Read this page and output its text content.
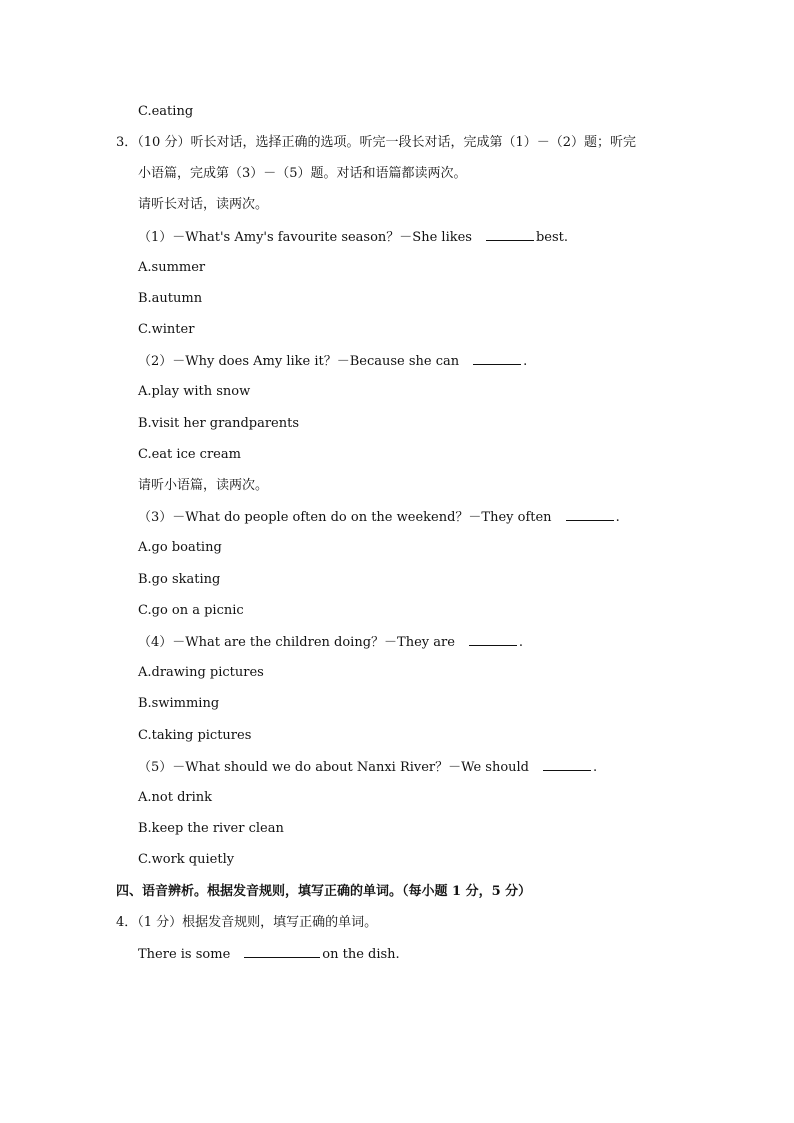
C.eating
3．（10 分）听长对话，选择正确的选项。听完一段长对话，完成第（1）－（2）题；听完
小语篇，完成第（3）－（5）题。对话和语篇都读两次。
请听长对话，读两次。
（1）－What's Amy's favourite season？－She likes	best.
A.summer
B.autumn
C.winter
（2）－Why does Amy like it？－Because she can	.
A.play with snow
B.visit her grandparents
C.eat ice cream
请听小语篇，读两次。
（3）－What do people often do on the weekend？－They often	.
A.go boating
B.go skating
C.go on a picnic
（4）－What are the children doing？－They are	.
A.drawing pictures
B.swimming
C.taking pictures
（5）－What should we do about Nanxi River？－We should	.
A.not drink
B.keep the river clean
C.work quietly
四、语音辨析。根据发音规则，填写正确的单词。（每小题 1 分，5 分）
4．（1 分）根据发音规则，填写正确的单词。
There is some	on the dish.
